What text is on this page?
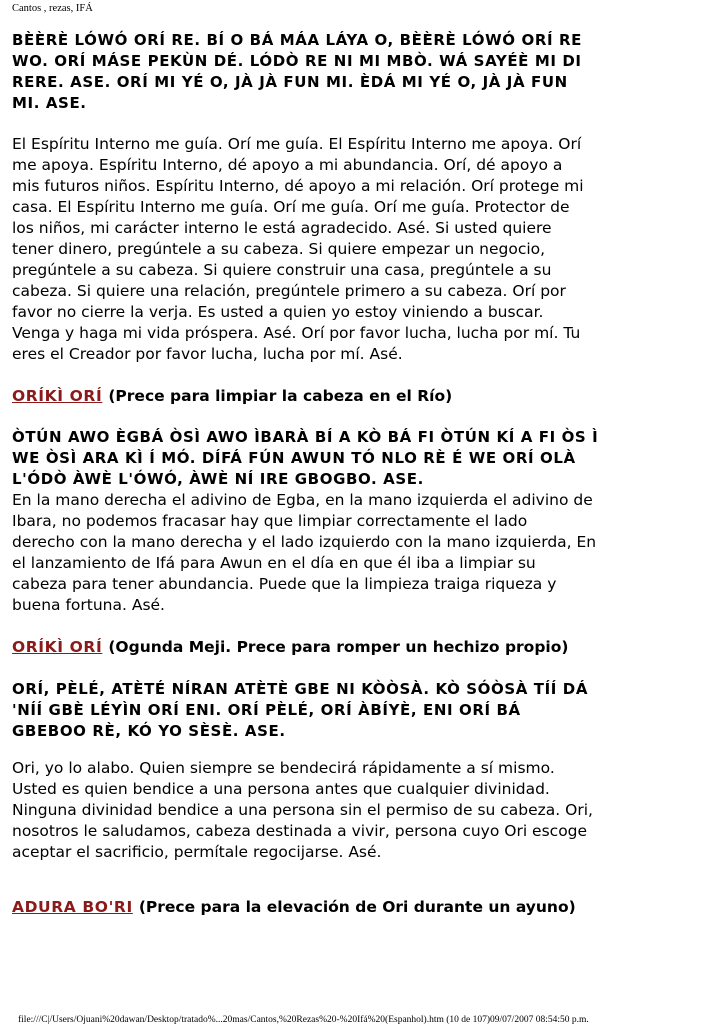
Cantos , rezas, IFÁ

BÈÈRÈ LÓWÓ ORÍ RE. BÍ O BÁ MÁA LÁYA O, BÈÈRÈ LÓWÓ ORÍ RE
WO. ORÍ MÁSE PEKÙN DÉ. LÓDÒ RE NI MI MBÒ. WÁ SAYÉÈ MI DI
RERE. ASE. ORÍ MI YÉ O, JÀ JÀ FUN MI. ÈDÁ MI YÉ O, JÀ JÀ FUN
MI. ASE.

El Espíritu Interno me guía. Orí me guía. El Espíritu Interno me apoya. Orí
me apoya. Espíritu Interno, dé apoyo a mi abundancia. Orí, dé apoyo a
mis futuros niños. Espíritu Interno, dé apoyo a mi relación. Orí protege mi
casa. El Espíritu Interno me guía. Orí me guía. Orí me guía. Protector de
los niños, mi carácter interno le está agradecido. Asé. Si usted quiere
tener dinero, pregúntele a su cabeza. Si quiere empezar un negocio,
pregúntele a su cabeza. Si quiere construir una casa, pregúntele a su
cabeza. Si quiere una relación, pregúntele primero a su cabeza. Orí por
favor no cierre la verja. Es usted a quien yo estoy viniendo a buscar.
Venga y haga mi vida próspera. Asé. Orí por favor lucha, lucha por mí. Tu
eres el Creador por favor lucha, lucha por mí. Asé.

ORÍKÌ ORÍ (Prece para limpiar la cabeza en el Río)

ÒTÚN AWO ÈGBÁ ÒSÌ AWO ÌBARÀ BÍ A KÒ BÁ FI ÒTÚN KÍ A FI ÒS Ì
WE ÒSÌ ARA KÌ Í MÓ. DÍFÁ FÚN AWUN TÓ NLO RÈ É WE ORÍ OLÀ
L'ÓDÒ ÀWÈ L'ÓWÓ, ÀWÈ NÍ IRE GBOGBO. ASE.

En la mano derecha el adivino de Egba, en la mano izquierda el adivino de
Ibara, no podemos fracasar hay que limpiar correctamente el lado
derecho con la mano derecha y el lado izquierdo con la mano izquierda, En
el lanzamiento de Ifá para Awun en el día en que él iba a limpiar su
cabeza para tener abundancia. Puede que la limpieza traiga riqueza y
buena fortuna. Asé.

ORÍKÌ ORÍ (Ogunda Meji. Prece para romper un hechizo propio)

ORÍ, PÈLÉ, ATÈTÉ NÍRAN ATÈTÈ GBE NI KÒÒSÀ. KÒ SÓÒSÀ TÍÍ DÁ
'NÍÍ GBÈ LÉYÌN ORÍ ENI. ORÍ PÈLÉ, ORÍ ÀBÍYÈ, ENI ORÍ BÁ
GBEBOO RÈ, KÓ YO SÈSÈ. ASE.

Ori, yo lo alabo. Quien siempre se bendecirá rápidamente a sí mismo.
Usted es quien bendice a una persona antes que cualquier divinidad.
Ninguna divinidad bendice a una persona sin el permiso de su cabeza. Ori,
nosotros le saludamos, cabeza destinada a vivir, persona cuyo Ori escoge
aceptar el sacrificio, permítale regocijarse. Asé.

ADURA BO'RI (Prece para la elevación de Ori durante un ayuno)

file:///C|/Users/Ojuani%20dawan/Desktop/tratado%...20mas/Cantos,%20Rezas%20-%20Ifá%20(Espanhol).htm (10 de 107)09/07/2007 08:54:50 p.m.
